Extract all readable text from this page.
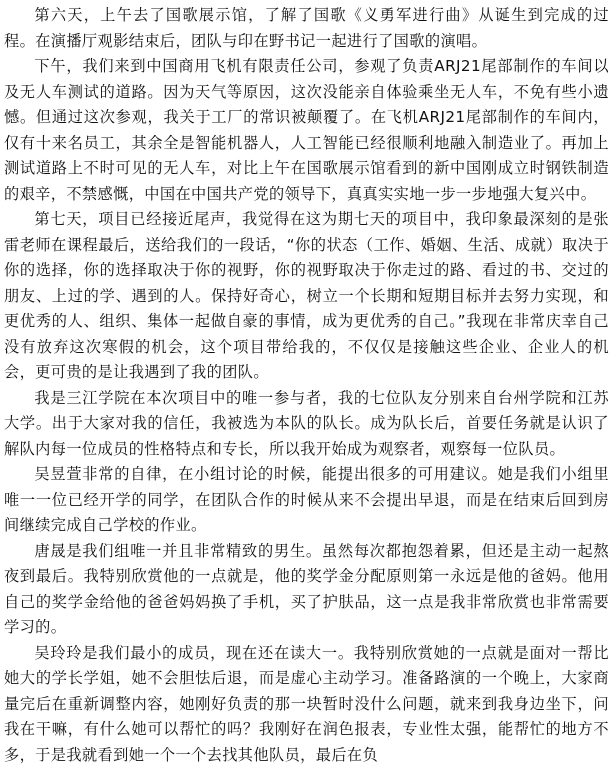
第六天，上午去了国歌展示馆，了解了国歌《义勇军进行曲》从诞生到完成的过程。在演播厅观影结束后，团队与印在野书记一起进行了国歌的演唱。

下午，我们来到中国商用飞机有限责任公司，参观了负责ARJ21尾部制作的车间以及无人车测试的道路。因为天气等原因，这次没能亲自体验乘坐无人车，不免有些小遗憾。但通过这次参观，我关于工厂的常识被颠覆了。在飞机ARJ21尾部制作的车间内，仅有十来名员工，其余全是智能机器人，人工智能已经很顺利地融入制造业了。再加上测试道路上不时可见的无人车，对比上午在国歌展示馆看到的新中国刚成立时钢铁制造的艰辛，不禁感慨，中国在中国共产党的领导下，真真实实地一步一步地强大复兴中。

第七天，项目已经接近尾声，我觉得在这为期七天的项目中，我印象最深刻的是张雷老师在课程最后，送给我们的一段话，“你的状态（工作、婚姻、生活、成就）取决于你的选择，你的选择取决于你的视野，你的视野取决于你走过的路、看过的书、交过的朋友、上过的学、遇到的人。保持好奇心，树立一个长期和短期目标并去努力实现，和更优秀的人、组织、集体一起做自豪的事情，成为更优秀的自己。”我现在非常庆幸自己没有放弃这次寒假的机会，这个项目带给我的，不仅仅是接触这些企业、企业人的机会，更可贵的是让我遇到了我的团队。

我是三江学院在本次项目中的唯一参与者，我的七位队友分别来自台州学院和江苏大学。出于大家对我的信任，我被选为本队的队长。成为队长后，首要任务就是认识了解队内每一位成员的性格特点和专长，所以我开始成为观察者，观察每一位队员。

吴昱萱非常的自律，在小组讨论的时候，能提出很多的可用建议。她是我们小组里唯一一位已经开学的同学，在团队合作的时候从来不会提出早退，而是在结束后回到房间继续完成自己学校的作业。

唐晟是我们组唯一并且非常精致的男生。虽然每次都抱怨着累，但还是主动一起熬夜到最后。我特别欣赏他的一点就是，他的奖学金分配原则第一永远是他的爸妈。他用自己的奖学金给他的爸爸妈妈换了手机，买了护肤品，这一点是我非常欣赏也非常需要学习的。

吴玲玲是我们最小的成员，现在还在读大一。我特别欣赏她的一点就是面对一帮比她大的学长学姐，她不会胆怯后退，而是虚心主动学习。准备路演的一个晚上，大家商量完后在重新调整内容，她刚好负责的那一块暂时没什么问题，就来到我身边坐下，问我在干嘛，有什么她可以帮忙的吗？我刚好在润色报表，专业性太强，能帮忙的地方不多，于是我就看到她一个一个去找其他队员，最后在负
